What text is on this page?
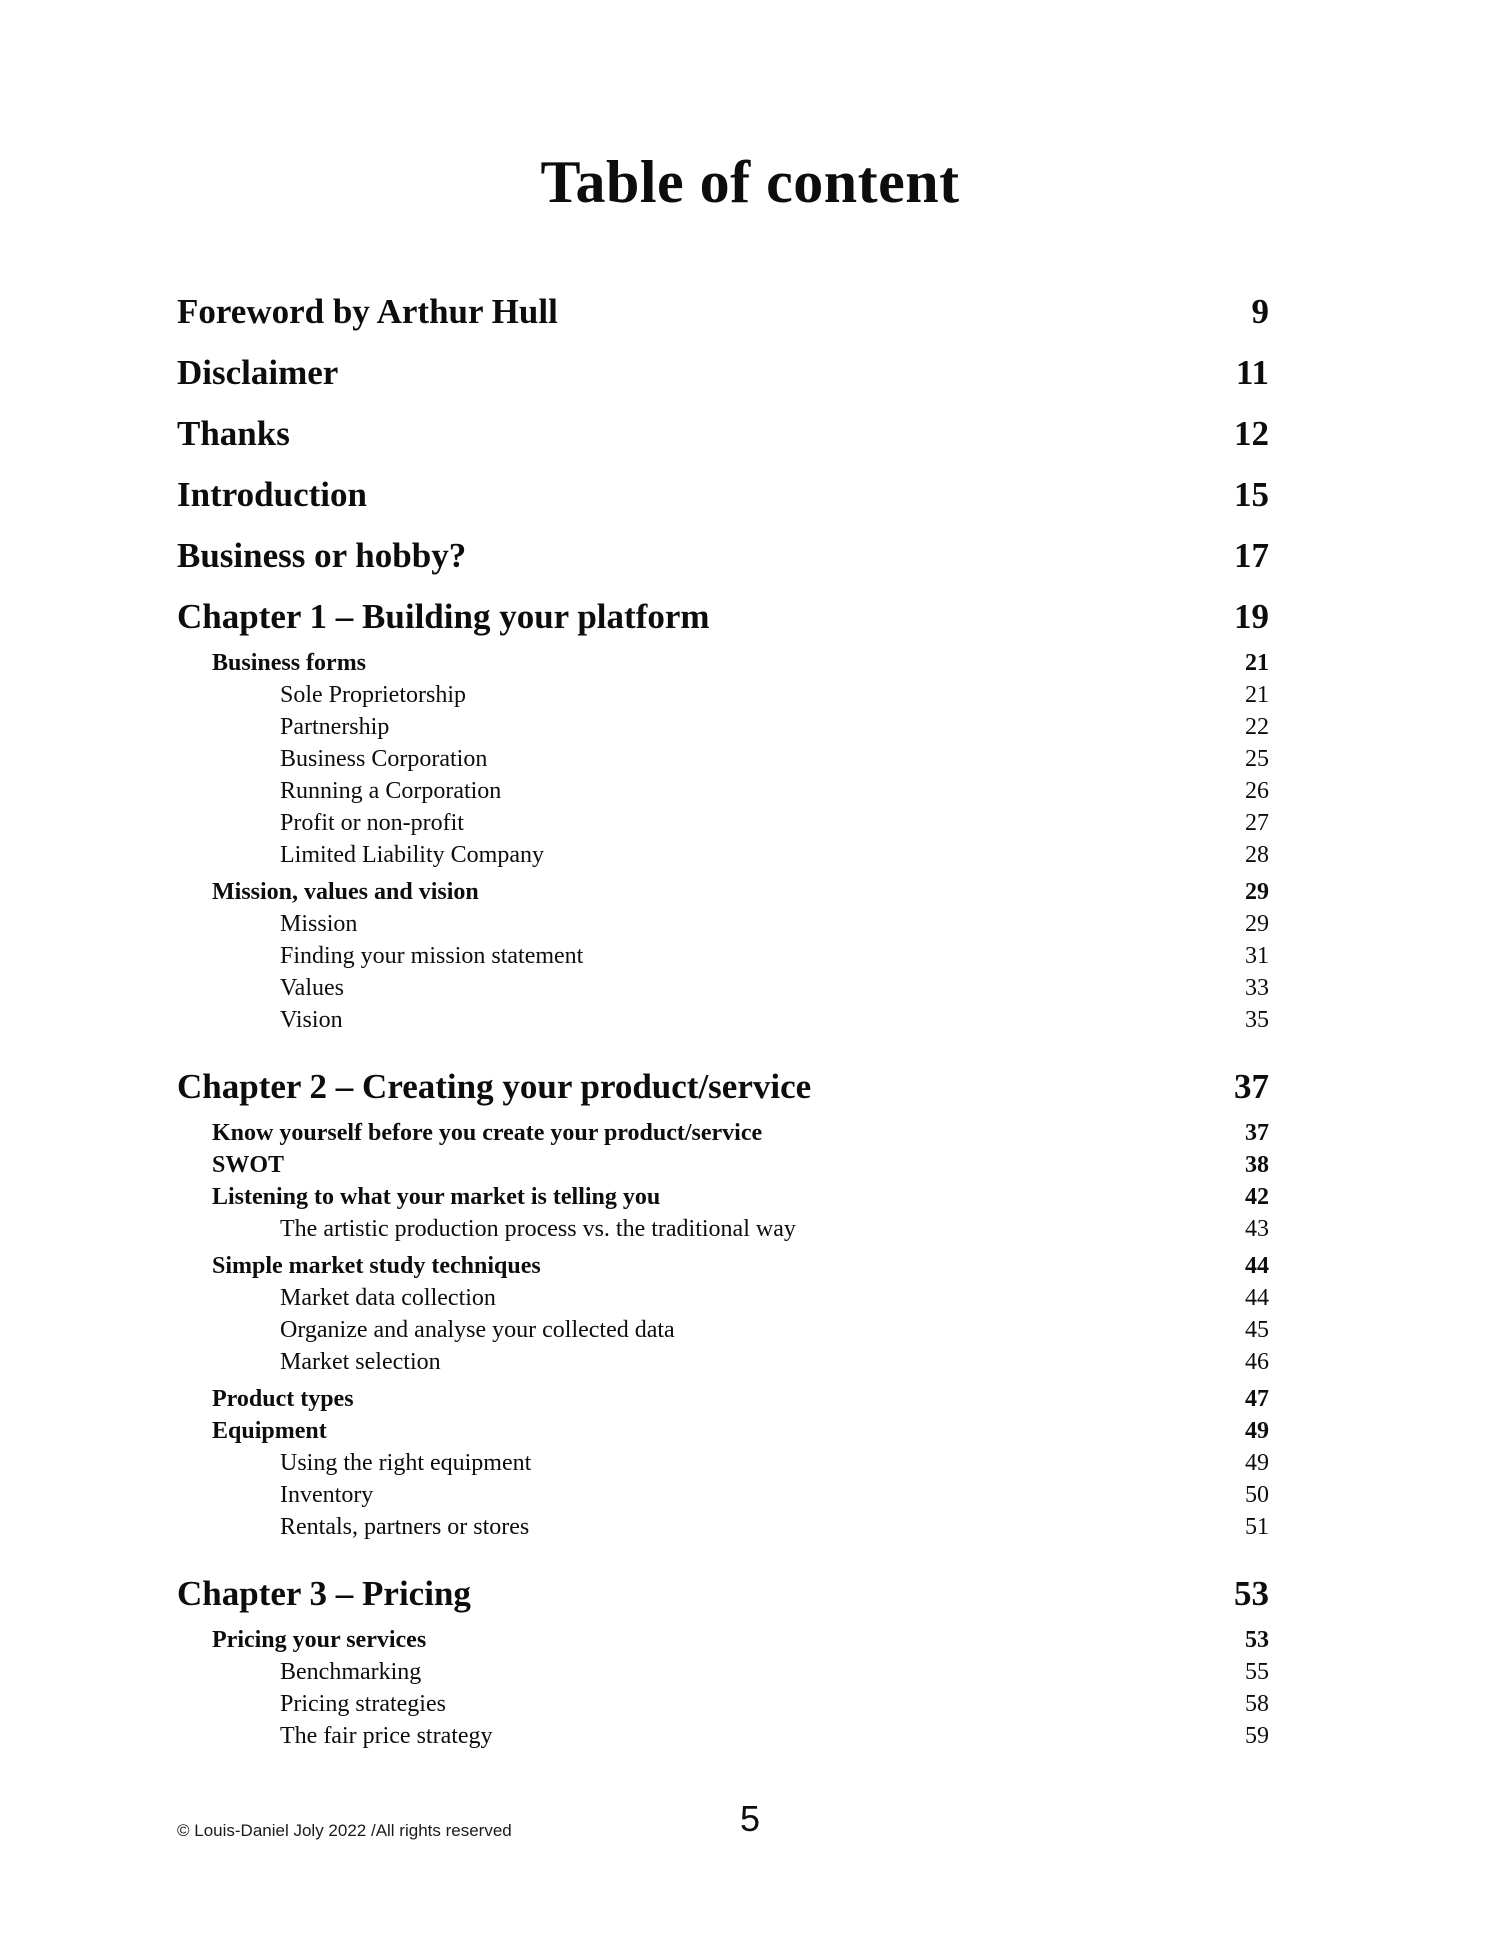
Table of content
Foreword by Arthur Hull	9
Disclaimer	11
Thanks	12
Introduction	15
Business or hobby?	17
Chapter 1 – Building your platform	19
Business forms	21
Sole Proprietorship	21
Partnership	22
Business Corporation	25
Running a Corporation	26
Profit or non-profit	27
Limited Liability Company	28
Mission, values and vision	29
Mission	29
Finding your mission statement	31
Values	33
Vision	35
Chapter 2 – Creating your product/service	37
Know yourself before you create your product/service	37
SWOT	38
Listening to what your market is telling you	42
The artistic production process vs. the traditional way	43
Simple market study techniques	44
Market data collection	44
Organize and analyse your collected data	45
Market selection	46
Product types	47
Equipment	49
Using the right equipment	49
Inventory	50
Rentals, partners or stores	51
Chapter 3 – Pricing	53
Pricing your services	53
Benchmarking	55
Pricing strategies	58
The fair price strategy	59
© Louis-Daniel Joly 2022 /All rights reserved	5
